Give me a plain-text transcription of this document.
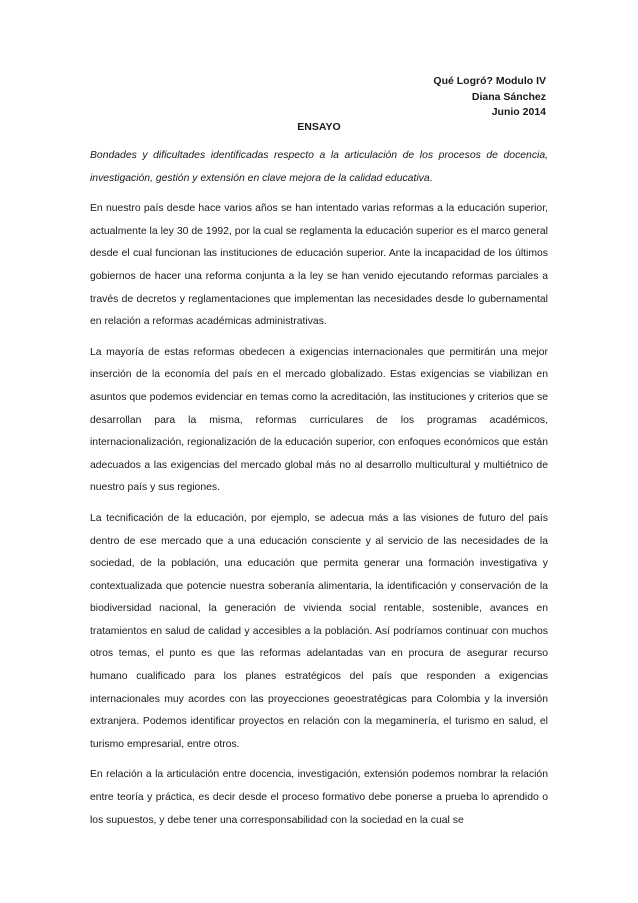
Qué Logró? Modulo IV
Diana Sánchez
Junio 2014
ENSAYO

Bondades y dificultades identificadas respecto a la articulación de los procesos de docencia, investigación, gestión y extensión en clave mejora de la calidad educativa.

En nuestro país desde hace varios años se han intentado varias reformas a la educación superior, actualmente la ley 30 de 1992, por la cual se reglamenta la educación superior es el marco general desde el cual funcionan las instituciones de educación superior. Ante la incapacidad de los últimos gobiernos de hacer una reforma conjunta a la ley se han venido ejecutando reformas parciales a través de decretos y reglamentaciones que implementan las necesidades desde lo gubernamental en relación a reformas académicas administrativas.

La mayoría de estas reformas obedecen a exigencias internacionales que permitirán una mejor inserción de la economía del país en el mercado globalizado. Estas exigencias se viabilizan en asuntos que podemos evidenciar en temas como la acreditación, las instituciones y criterios que se desarrollan para la misma, reformas curriculares de los programas académicos, internacionalización, regionalización de la educación superior, con enfoques económicos que están adecuados a las exigencias del mercado global más no al desarrollo multicultural y multiétnico de nuestro país y sus regiones.

La tecnificación de la educación, por ejemplo, se adecua más a las visiones de futuro del país dentro de ese mercado que a una educación consciente y al servicio de las necesidades de la sociedad, de la población, una educación que permita generar una formación investigativa y contextualizada que potencie nuestra soberanía alimentaria, la identificación y conservación de la biodiversidad nacional, la generación de vivienda social rentable, sostenible, avances en tratamientos en salud de calidad y accesibles a la población. Así podríamos continuar con muchos otros temas, el punto es que las reformas adelantadas van en procura de asegurar recurso humano cualificado para los planes estratégicos del país que responden a exigencias internacionales muy acordes con las proyecciones geoestratégicas para Colombia y la inversión extranjera. Podemos identificar proyectos en relación con la megaminería, el turismo en salud, el turismo empresarial, entre otros.

En relación a la articulación entre docencia, investigación, extensión podemos nombrar la relación entre teoría y práctica, es decir desde el proceso formativo debe ponerse a prueba lo aprendido o los supuestos, y debe tener una corresponsabilidad con la sociedad en la cual se
